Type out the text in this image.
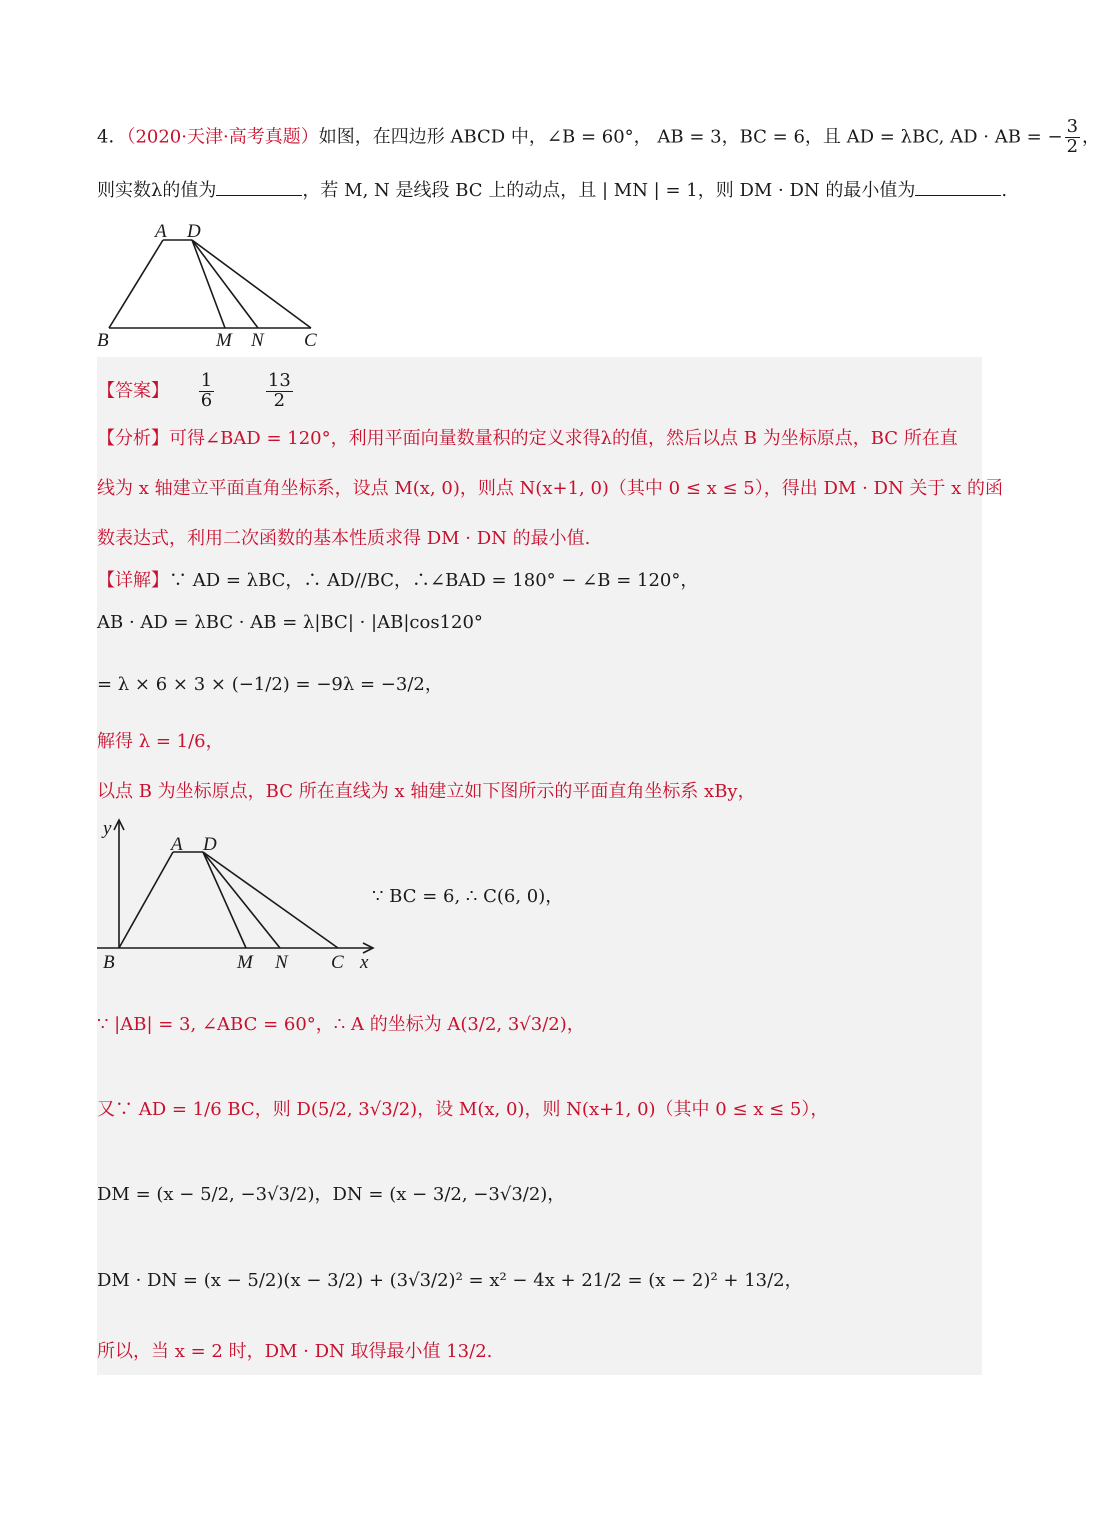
4．（2020·天津·高考真题）如图，在四边形 ABCD 中，∠B = 60°， AB = 3，BC = 6，且 AD = λBC, AD · AB = − $\frac{3}{2}$ ，
则实数λ的值为	，若 M, N 是线段 BC 上的动点，且 | MN | = 1，则 DM · DN 的最小值为	.
A D
B	M N C
【答案】 $\frac{1}{6}$
	$\frac{13}{2}$
【分析】可得∠BAD = 120°，利用平面向量数量积的定义求得λ的值，然后以点 B 为坐标原点，BC 所在直
线为 x 轴建立平面直角坐标系，设点 M(x, 0)，则点 N(x+1, 0)（其中 0 ≤ x ≤ 5），得出 DM · DN 关于 x 的函
数表达式，利用二次函数的基本性质求得 DM · DN 的最小值.
【详解】∵ AD = λBC，∴ AD//BC，∴∠BAD = 180° − ∠B = 120°，
AB · AD = λBC · AB = λ|BC| · |AB|cos120°
= λ × 6 × 3 × (−1/2) = −9λ = −3/2，
解得 λ = 1/6，
以点 B 为坐标原点，BC 所在直线为 x 轴建立如下图所示的平面直角坐标系 xBy，
y
A D
B	M N C x
∵ BC = 6, ∴ C(6, 0)，
∵ |AB| = 3, ∠ABC = 60°，∴ A 的坐标为 A(3/2, 3√3/2)，
又∵ AD = 1/6 BC，则 D(5/2, 3√3/2)，设 M(x, 0)，则 N(x+1, 0)（其中 0 ≤ x ≤ 5），
DM = (x − 5/2, −3√3/2)，DN = (x − 3/2, −3√3/2)，
DM · DN = (x − 5/2)(x − 3/2) + (3√3/2)² = x² − 4x + 21/2 = (x − 2)² + 13/2，
所以，当 x = 2 时，DM · DN 取得最小值 13/2.
